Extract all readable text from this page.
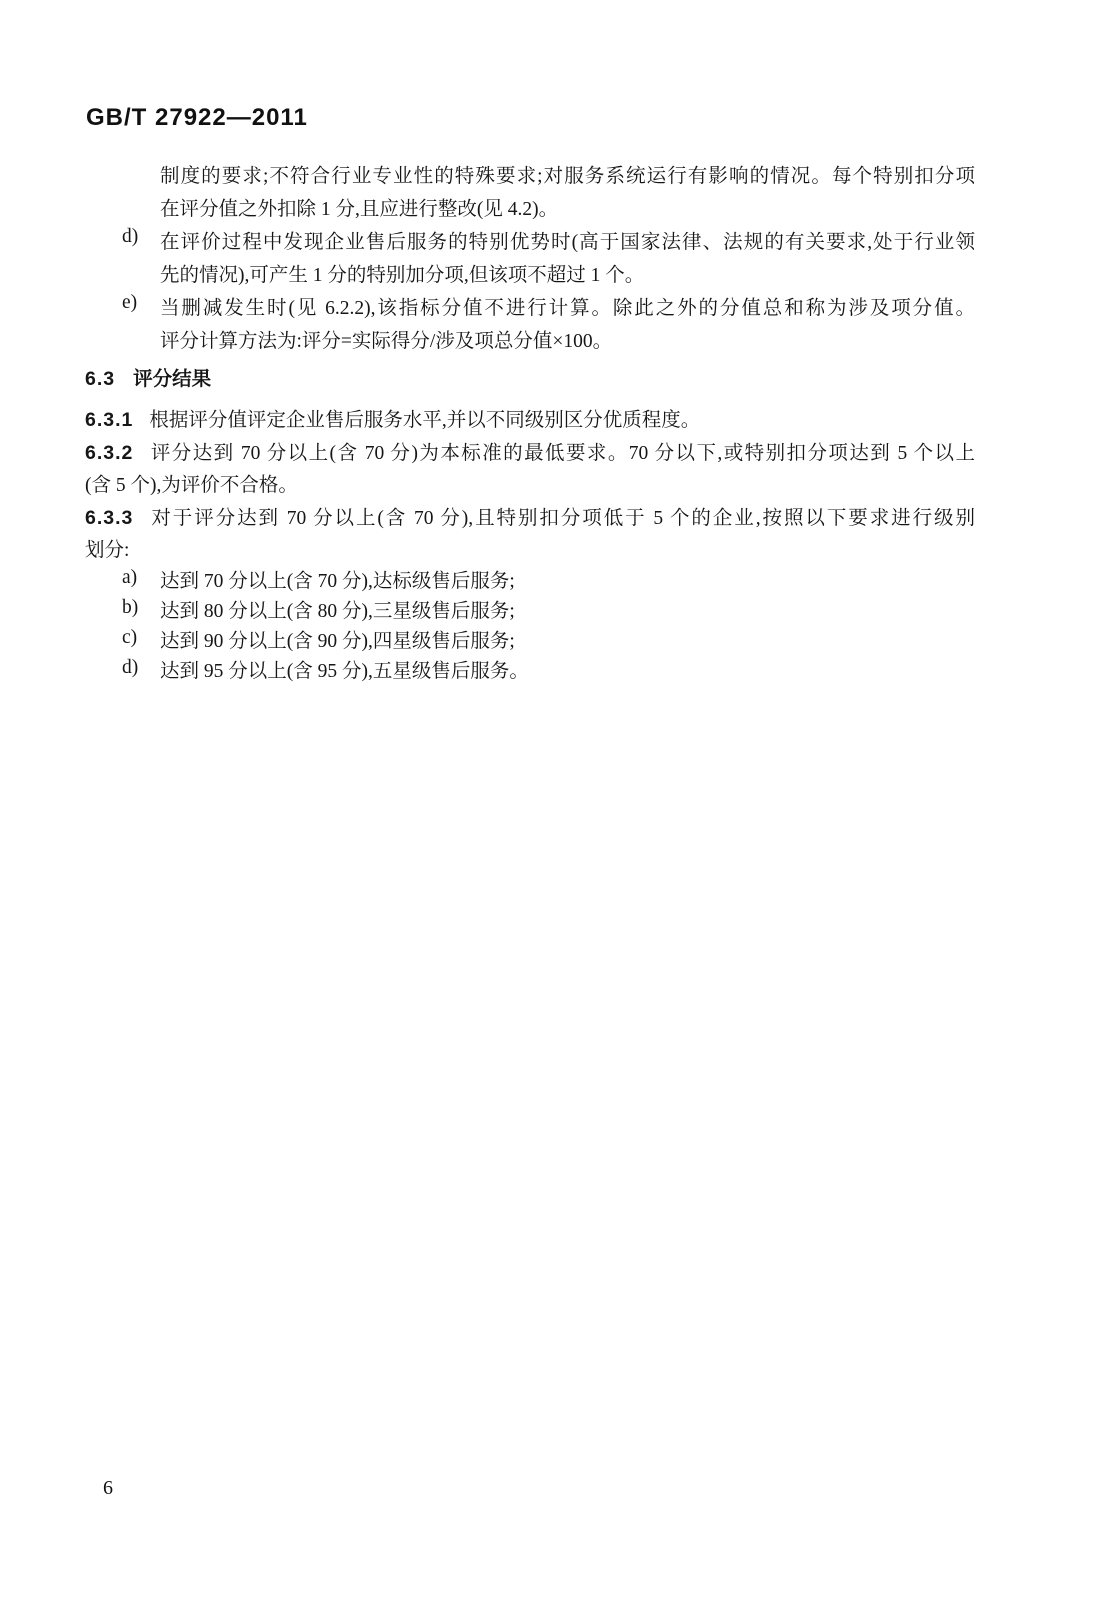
GB/T 27922—2011
制度的要求;不符合行业专业性的特殊要求;对服务系统运行有影响的情况。每个特别扣分项
在评分值之外扣除 1 分,且应进行整改(见 4.2)。
d) 在评价过程中发现企业售后服务的特别优势时(高于国家法律、法规的有关要求,处于行业领
先的情况),可产生 1 分的特别加分项,但该项不超过 1 个。
e) 当删减发生时(见 6.2.2),该指标分值不进行计算。除此之外的分值总和称为涉及项分值。
评分计算方法为:评分=实际得分/涉及项总分值×100。
6.3 评分结果
6.3.1 根据评分值评定企业售后服务水平,并以不同级别区分优质程度。
6.3.2 评分达到 70 分以上(含 70 分)为本标准的最低要求。70 分以下,或特别扣分项达到 5 个以上
(含 5 个),为评价不合格。
6.3.3 对于评分达到 70 分以上(含 70 分),且特别扣分项低于 5 个的企业,按照以下要求进行级别
划分:
a) 达到 70 分以上(含 70 分),达标级售后服务;
b) 达到 80 分以上(含 80 分),三星级售后服务;
c) 达到 90 分以上(含 90 分),四星级售后服务;
d) 达到 95 分以上(含 95 分),五星级售后服务。
6
